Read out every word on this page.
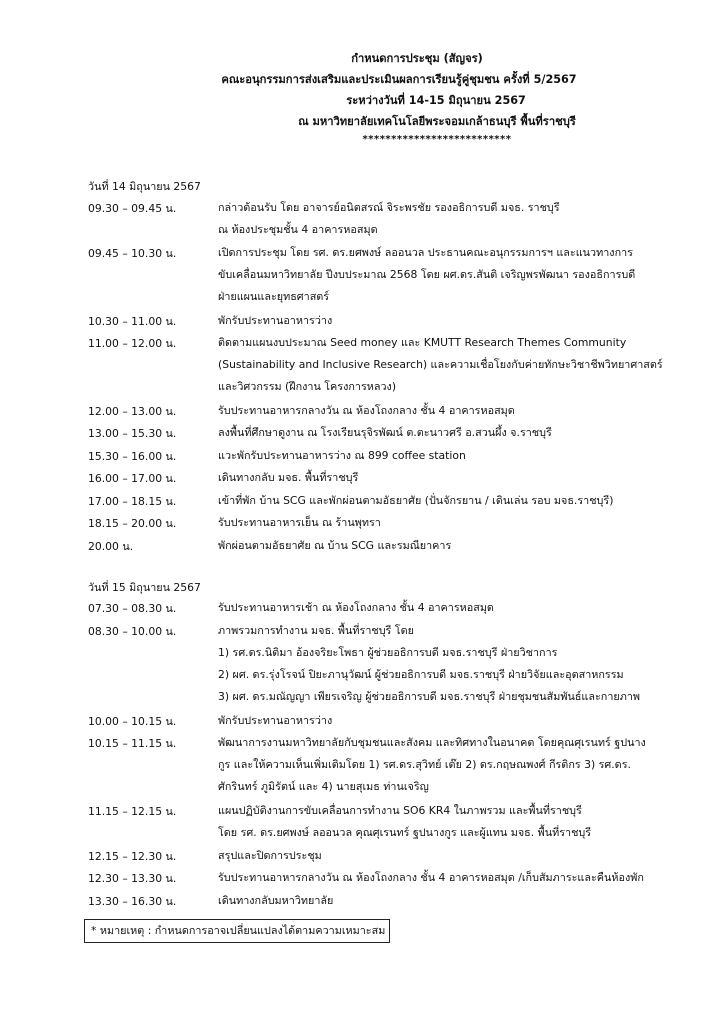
กำหนดการประชุม (สัญจร)
คณะอนุกรรมการส่งเสริมและประเมินผลการเรียนรู้คู่ชุมชน ครั้งที่ 5/2567
ระหว่างวันที่ 14-15 มิถุนายน 2567
ณ มหาวิทยาลัยเทคโนโลยีพระจอมเกล้าธนบุรี พื้นที่ราชบุรี
**************************
วันที่ 14 มิถุนายน 2567
09.30 – 09.45 น.	กล่าวต้อนรับ โดย อาจารย์อนิตสรณ์ จิระพรชัย รองอธิการบดี มจธ. ราชบุรี
ณ ห้องประชุมชั้น 4 อาคารหอสมุด
09.45 – 10.30 น.	เปิดการประชุม โดย รศ. ดร.ยศพงษ์ ลออนวล ประธานคณะอนุกรรมการฯ และแนวทางการ
ขับเคลื่อนมหาวิทยาลัย ปีงบประมาณ 2568 โดย ผศ.ดร.สันติ เจริญพรพัฒนา รองอธิการบดี
ฝ่ายแผนและยุทธศาสตร์
10.30 – 11.00 น.	พักรับประทานอาหารว่าง
11.00 – 12.00 น.	ติดตามแผนงบประมาณ Seed money และ KMUTT Research Themes Community
(Sustainability and Inclusive Research) และความเชื่อโยงกับค่ายทักษะวิชาชีพวิทยาศาสตร์
และวิศวกรรม (ฝึกงาน โครงการหลวง)
12.00 – 13.00 น.	รับประทานอาหารกลางวัน ณ ห้องโถงกลาง ชั้น 4 อาคารหอสมุด
13.00 – 15.30 น.	ลงพื้นที่ศึกษาดูงาน ณ โรงเรียนรุจิรพัฒน์ ต.ตะนาวศรี อ.สวนผึ้ง จ.ราชบุรี
15.30 – 16.00 น.	แวะพักรับประทานอาหารว่าง ณ 899 coffee station
16.00 – 17.00 น.	เดินทางกลับ มจธ. พื้นที่ราชบุรี
17.00 – 18.15 น.	เข้าที่พัก บ้าน SCG และพักผ่อนตามอัธยาศัย (ปั่นจักรยาน / เดินเล่น รอบ มจธ.ราชบุรี)
18.15 – 20.00 น.	รับประทานอาหารเย็น ณ ร้านพุทรา
20.00 น.	พักผ่อนตามอัธยาศัย ณ บ้าน SCG และรมณียาคาร
วันที่ 15 มิถุนายน 2567
07.30 – 08.30 น.	รับประทานอาหารเช้า ณ ห้องโถงกลาง ชั้น 4 อาคารหอสมุด
08.30 – 10.00 น.	ภาพรวมการทำงาน มจธ. พื้นที่ราชบุรี โดย
1) รศ.ดร.นิติมา อ้องจริยะโพธา ผู้ช่วยอธิการบดี มจธ.ราชบุรี ฝ่ายวิชาการ
2) ผศ. ดร.รุ่งโรจน์ ปิยะภานุวัฒน์ ผู้ช่วยอธิการบดี มจธ.ราชบุรี ฝ่ายวิจัยและอุตสาหกรรม
3) ผศ. ดร.มณัญญา เพียรเจริญ ผู้ช่วยอธิการบดี มจธ.ราชบุรี ฝ่ายชุมชนสัมพันธ์และกายภาพ
10.00 – 10.15 น.	พักรับประทานอาหารว่าง
10.15 – 11.15 น.	พัฒนาการงานมหาวิทยาลัยกับชุมชนและสังคม และทิศทางในอนาคต โดยคุณศุเรนทร์ ฐปนาง
กูร และให้ความเห็นเพิ่มเติมโดย 1) รศ.ดร.สุวิทย์ เต๊ย 2) ดร.กฤษณพงศ์ กีรติกร 3) รศ.ดร.
ศักรินทร์ ภูมิรัตน์ และ 4) นายสุเมธ ท่านเจริญ
11.15 – 12.15 น.	แผนปฏิบัติงานการขับเคลื่อนการทำงาน SO6 KR4 ในภาพรวม และพื้นที่ราชบุรี
โดย รศ. ดร.ยศพงษ์ ลออนวล คุณศุเรนทร์ ฐปนางกูร และผู้แทน มจธ. พื้นที่ราชบุรี
12.15 – 12.30 น.	สรุปและปิดการประชุม
12.30 – 13.30 น.	รับประทานอาหารกลางวัน ณ ห้องโถงกลาง ชั้น 4 อาคารหอสมุด /เก็บสัมภาระและคืนห้องพัก
13.30 – 16.30 น.	เดินทางกลับมหาวิทยาลัย
* หมายเหตุ : กำหนดการอาจเปลี่ยนแปลงได้ตามความเหมาะสม
